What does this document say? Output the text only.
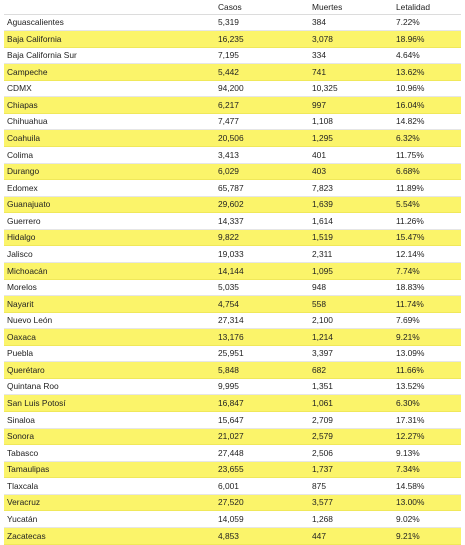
	Casos	Muertes	Letalidad
Aguascalientes	5,319	384	7.22%
Baja California	16,235	3,078	18.96%
Baja California Sur	7,195	334	4.64%
Campeche	5,442	741	13.62%
CDMX	94,200	10,325	10.96%
Chiapas	6,217	997	16.04%
Chihuahua	7,477	1,108	14.82%
Coahuila	20,506	1,295	6.32%
Colima	3,413	401	11.75%
Durango	6,029	403	6.68%
Edomex	65,787	7,823	11.89%
Guanajuato	29,602	1,639	5.54%
Guerrero	14,337	1,614	11.26%
Hidalgo	9,822	1,519	15.47%
Jalisco	19,033	2,311	12.14%
Michoacán	14,144	1,095	7.74%
Morelos	5,035	948	18.83%
Nayarit	4,754	558	11.74%
Nuevo León	27,314	2,100	7.69%
Oaxaca	13,176	1,214	9.21%
Puebla	25,951	3,397	13.09%
Querétaro	5,848	682	11.66%
Quintana Roo	9,995	1,351	13.52%
San Luis Potosí	16,847	1,061	6.30%
Sinaloa	15,647	2,709	17.31%
Sonora	21,027	2,579	12.27%
Tabasco	27,448	2,506	9.13%
Tamaulipas	23,655	1,737	7.34%
Tlaxcala	6,001	875	14.58%
Veracruz	27,520	3,577	13.00%
Yucatán	14,059	1,268	9.02%
Zacatecas	4,853	447	9.21%
